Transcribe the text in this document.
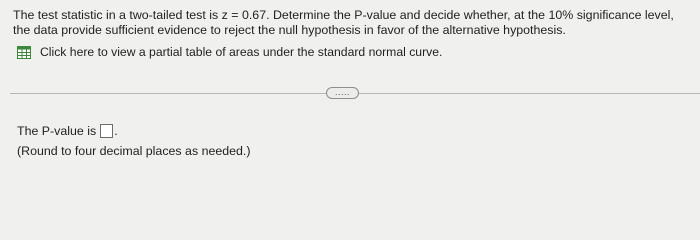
The test statistic in a two-tailed test is z = 0.67. Determine the P-value and decide whether, at the 10% significance level,

the data provide sufficient evidence to reject the null hypothesis in favor of the alternative hypothesis.

Click here to view a partial table of areas under the standard normal curve.
.....
The P-value is .
(Round to four decimal places as needed.)
